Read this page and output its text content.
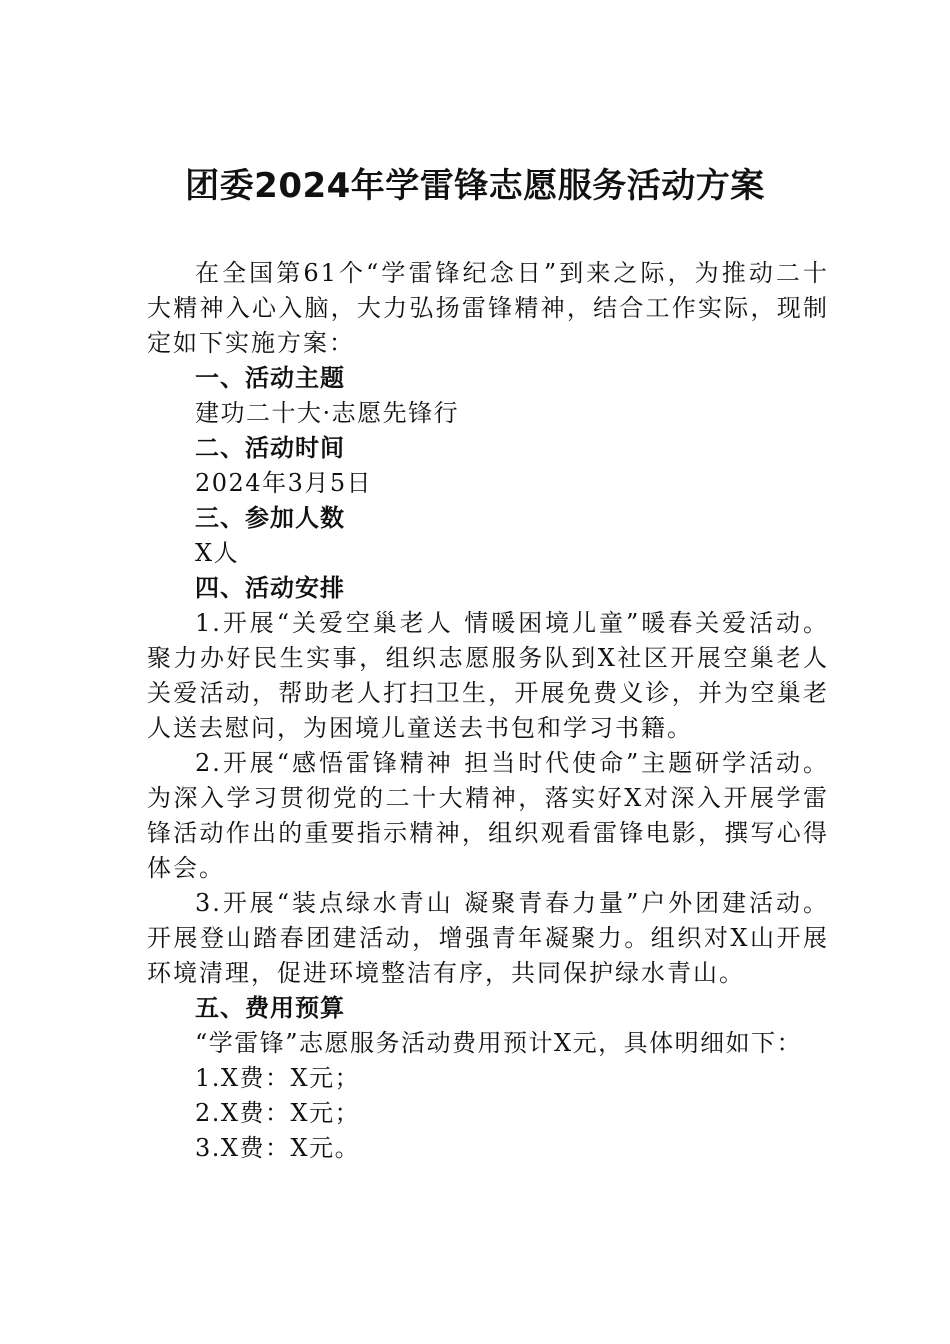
团委2024年学雷锋志愿服务活动方案

在全国第61个“学雷锋纪念日”到来之际，为推动二十大精神入心入脑，大力弘扬雷锋精神，结合工作实际，现制定如下实施方案：

一、活动主题

建功二十大·志愿先锋行

二、活动时间

2024年3月5日

三、参加人数

X人

四、活动安排

1.开展“关爱空巢老人 情暖困境儿童”暖春关爱活动。聚力办好民生实事，组织志愿服务队到X社区开展空巢老人关爱活动，帮助老人打扫卫生，开展免费义诊，并为空巢老人送去慰问，为困境儿童送去书包和学习书籍。

2.开展“感悟雷锋精神 担当时代使命”主题研学活动。为深入学习贯彻党的二十大精神，落实好X对深入开展学雷锋活动作出的重要指示精神，组织观看雷锋电影，撰写心得体会。

3.开展“装点绿水青山 凝聚青春力量”户外团建活动。开展登山踏春团建活动，增强青年凝聚力。组织对X山开展环境清理，促进环境整洁有序，共同保护绿水青山。

五、费用预算

“学雷锋”志愿服务活动费用预计X元，具体明细如下：

1.X费：X元；

2.X费：X元；

3.X费：X元。
